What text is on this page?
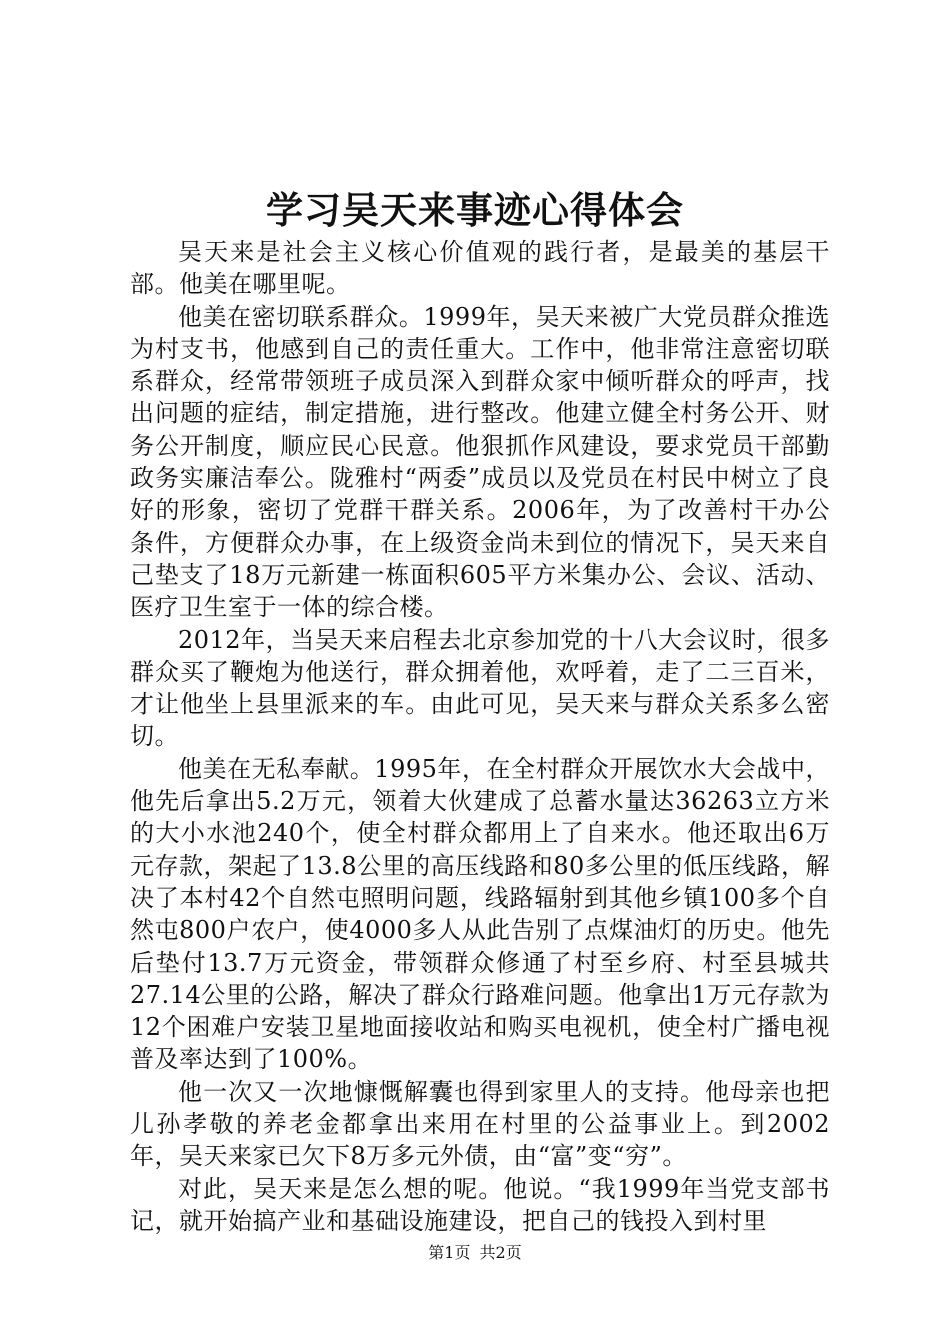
学习吴天来事迹心得体会

吴天来是社会主义核心价值观的践行者，是最美的基层干部。他美在哪里呢。

他美在密切联系群众。1999年，吴天来被广大党员群众推选为村支书，他感到自己的责任重大。工作中，他非常注意密切联系群众，经常带领班子成员深入到群众家中倾听群众的呼声，找出问题的症结，制定措施，进行整改。他建立健全村务公开、财务公开制度，顺应民心民意。他狠抓作风建设，要求党员干部勤政务实廉洁奉公。陇雅村“两委”成员以及党员在村民中树立了良好的形象，密切了党群干群关系。2006年，为了改善村干办公条件，方便群众办事，在上级资金尚未到位的情况下，吴天来自己垫支了18万元新建一栋面积605平方米集办公、会议、活动、医疗卫生室于一体的综合楼。

2012年，当吴天来启程去北京参加党的十八大会议时，很多群众买了鞭炮为他送行，群众拥着他，欢呼着，走了二三百米，才让他坐上县里派来的车。由此可见，吴天来与群众关系多么密切。

他美在无私奉献。1995年，在全村群众开展饮水大会战中，他先后拿出5.2万元，领着大伙建成了总蓄水量达36263立方米的大小水池240个，使全村群众都用上了自来水。他还取出6万元存款，架起了13.8公里的高压线路和80多公里的低压线路，解决了本村42个自然屯照明问题，线路辐射到其他乡镇100多个自然屯800户农户，使4000多人从此告别了点煤油灯的历史。他先后垫付13.7万元资金，带领群众修通了村至乡府、村至县城共27.14公里的公路，解决了群众行路难问题。他拿出1万元存款为12个困难户安装卫星地面接收站和购买电视机，使全村广播电视普及率达到了100%。

他一次又一次地慷慨解囊也得到家里人的支持。他母亲也把儿孙孝敬的养老金都拿出来用在村里的公益事业上。到2002年，吴天来家已欠下8万多元外债，由“富”变“穷”。

对此，吴天来是怎么想的呢。他说。“我1999年当党支部书记，就开始搞产业和基础设施建设，把自己的钱投入到村里

第1页 共2页
